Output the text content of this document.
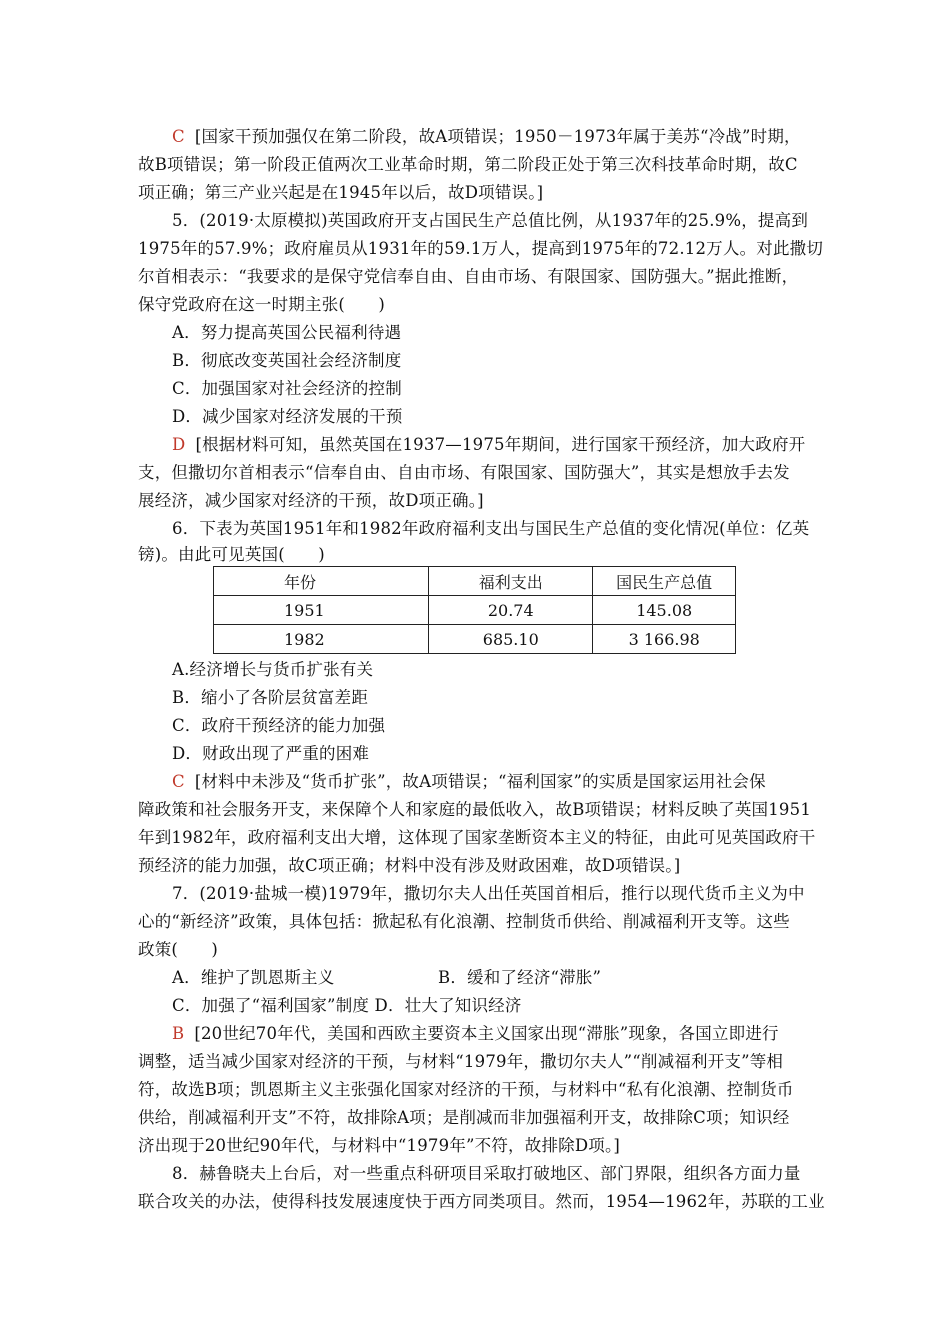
C [国家干预加强仅在第二阶段，故A项错误；1950－1973年属于美苏“冷战”时期，
故B项错误；第一阶段正值两次工业革命时期，第二阶段正处于第三次科技革命时期，故C
项正确；第三产业兴起是在1945年以后，故D项错误。]
5．(2019·太原模拟)英国政府开支占国民生产总值比例，从1937年的25.9%，提高到
1975年的57.9%；政府雇员从1931年的59.1万人，提高到1975年的72.12万人。对此撒切
尔首相表示：“我要求的是保守党信奉自由、自由市场、有限国家、国防强大。”据此推断，
保守党政府在这一时期主张(　　)
A．努力提高英国公民福利待遇
B．彻底改变英国社会经济制度
C．加强国家对社会经济的控制
D．减少国家对经济发展的干预
D [根据材料可知，虽然英国在1937—1975年期间，进行国家干预经济，加大政府开
支，但撒切尔首相表示“信奉自由、自由市场、有限国家、国防强大”，其实是想放手去发
展经济，减少国家对经济的干预，故D项正确。]
6．下表为英国1951年和1982年政府福利支出与国民生产总值的变化情况(单位：亿英
镑)。由此可见英国(　　)
年份	福利支出	国民生产总值
1951	20.74	145.08
1982	685.10	3 166.98
A.经济增长与货币扩张有关
B．缩小了各阶层贫富差距
C．政府干预经济的能力加强
D．财政出现了严重的困难
C [材料中未涉及“货币扩张”，故A项错误；“福利国家”的实质是国家运用社会保
障政策和社会服务开支，来保障个人和家庭的最低收入，故B项错误；材料反映了英国1951
年到1982年，政府福利支出大增，这体现了国家垄断资本主义的特征，由此可见英国政府干
预经济的能力加强，故C项正确；材料中没有涉及财政困难，故D项错误。]
7．(2019·盐城一模)1979年，撒切尔夫人出任英国首相后，推行以现代货币主义为中
心的“新经济”政策，具体包括：掀起私有化浪潮、控制货币供给、削减福利开支等。这些
政策(　　)
A．维护了凯恩斯主义	B．缓和了经济“滞胀”
C．加强了“福利国家”制度 D．壮大了知识经济
B [20世纪70年代，美国和西欧主要资本主义国家出现“滞胀”现象，各国立即进行
调整，适当减少国家对经济的干预，与材料“1979年，撒切尔夫人”“削减福利开支”等相
符，故选B项；凯恩斯主义主张强化国家对经济的干预，与材料中“私有化浪潮、控制货币
供给，削减福利开支”不符，故排除A项；是削减而非加强福利开支，故排除C项；知识经
济出现于20世纪90年代，与材料中“1979年”不符，故排除D项。]
8．赫鲁晓夫上台后，对一些重点科研项目采取打破地区、部门界限，组织各方面力量
联合攻关的办法，使得科技发展速度快于西方同类项目。然而，1954—1962年，苏联的工业
